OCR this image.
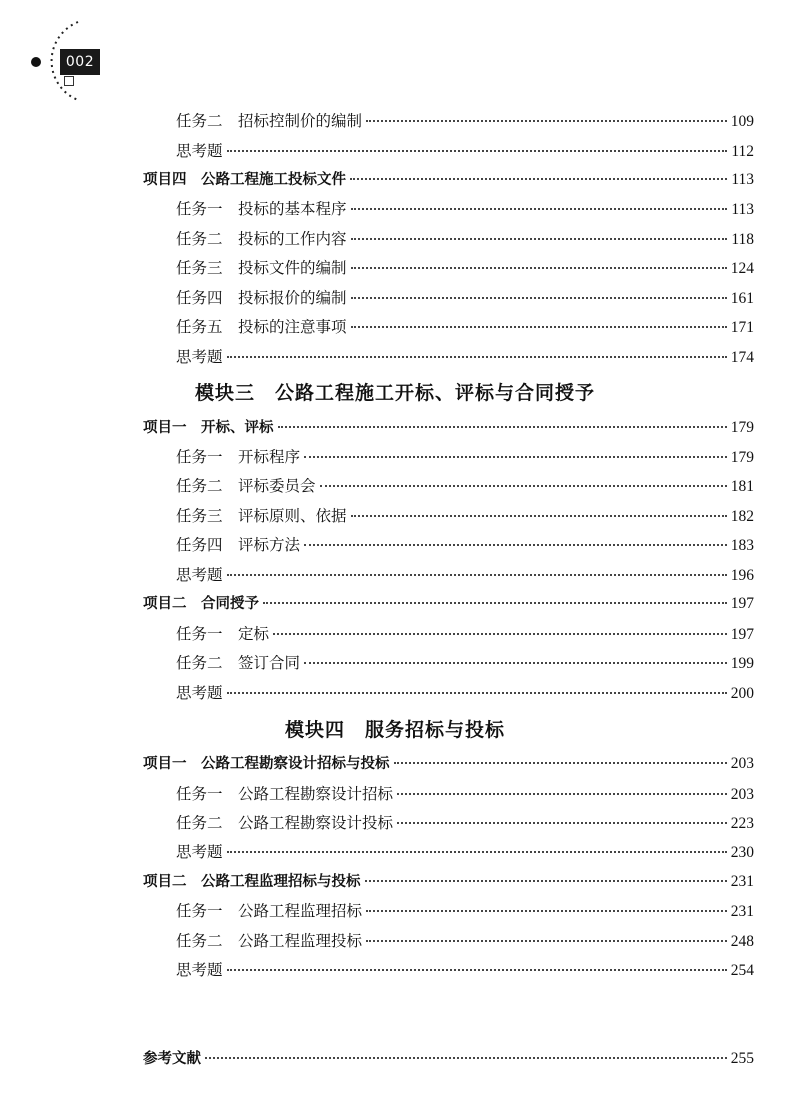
002
任务二　招标控制价的编制	109
思考题	112
项目四　公路工程施工投标文件	113
任务一　投标的基本程序	113
任务二　投标的工作内容	118
任务三　投标文件的编制	124
任务四　投标报价的编制	161
任务五　投标的注意事项	171
思考题	174
模块三　公路工程施工开标、评标与合同授予
项目一　开标、评标	179
任务一　开标程序	179
任务二　评标委员会	181
任务三　评标原则、依据	182
任务四　评标方法	183
思考题	196
项目二　合同授予	197
任务一　定标	197
任务二　签订合同	199
思考题	200
模块四　服务招标与投标
项目一　公路工程勘察设计招标与投标	203
任务一　公路工程勘察设计招标	203
任务二　公路工程勘察设计投标	223
思考题	230
项目二　公路工程监理招标与投标	231
任务一　公路工程监理招标	231
任务二　公路工程监理投标	248
思考题	254
参考文献	255
